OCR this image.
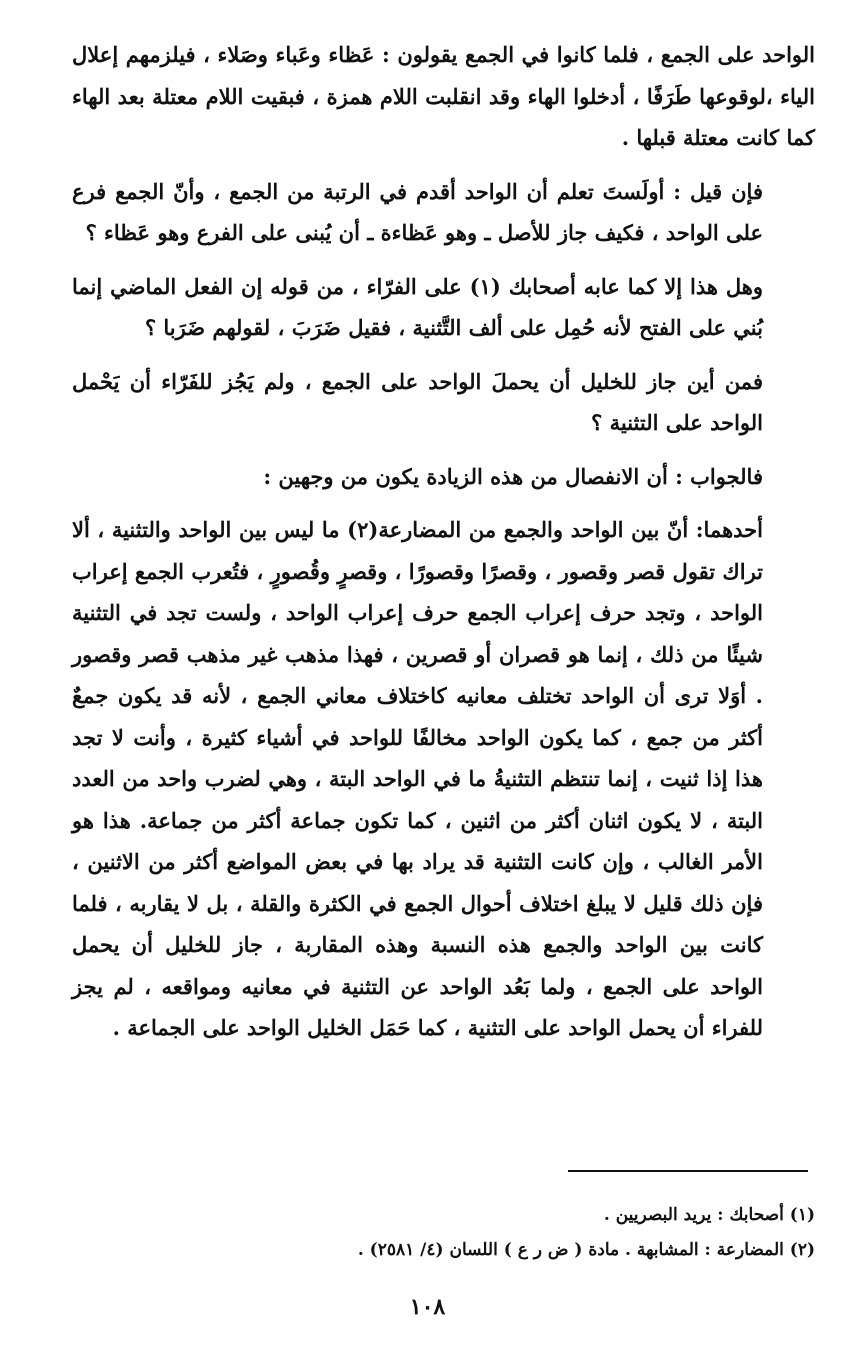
الواحد على الجمع ، فلما كانوا في الجمع يقولون : عَظاء وعَباء وصَلاء ، فيلزمهم إعلال الياء ،لوقوعها طَرَفًا ، أدخلوا الهاء وقد انقلبت اللام همزة ، فبقيت اللام معتلة بعد الهاء كما كانت معتلة قبلها .

فإن قيل : أولَستَ تعلم أن الواحد أقدم في الرتبة من الجمع ، وأنّ الجمع فرع على الواحد ، فكيف جاز للأصل ـ وهو عَظاءة ـ أن يُبنى على الفرع وهو عَظاء ؟

وهل هذا إلا كما عابه أصحابك (١) على الفرّاء ، من قوله إن الفعل الماضي إنما بُني على الفتح لأنه حُمِل على ألف التَّثنية ، فقيل ضَرَبَ ، لقولهم ضَرَبا ؟

فمن أين جاز للخليل أن يحملَ الواحد على الجمع ، ولم يَجُز للفَرّاء أن يَحْمل الواحد على التثنية ؟

فالجواب : أن الانفصال من هذه الزيادة يكون من وجهين :

أحدهما: أنّ بين الواحد والجمع من المضارعة(٢) ما ليس بين الواحد والتثنية ، ألا تراك تقول قصر وقصور ، وقصرًا وقصورًا ، وقصرٍ وقُصورٍ ، فتُعرب الجمع إعراب الواحد ، وتجد حرف إعراب الجمع حرف إعراب الواحد ، ولست تجد في التثنية شيئًا من ذلك ، إنما هو قصران أو قصرين ، فهذا مذهب غير مذهب قصر وقصور . أوَلا ترى أن الواحد تختلف معانيه كاختلاف معاني الجمع ، لأنه قد يكون جمعٌ أكثر من جمع ، كما يكون الواحد مخالفًا للواحد في أشياء كثيرة ، وأنت لا تجد هذا إذا ثنيت ، إنما تنتظم التثنيةُ ما في الواحد البتة ، وهي لضرب واحد من العدد البتة ، لا يكون اثنان أكثر من اثنين ، كما تكون جماعة أكثر من جماعة. هذا هو الأمر الغالب ، وإن كانت التثنية قد يراد بها في بعض المواضع أكثر من الاثنين ، فإن ذلك قليل لا يبلغ اختلاف أحوال الجمع في الكثرة والقلة ، بل لا يقاربه ، فلما كانت بين الواحد والجمع هذه النسبة وهذه المقاربة ، جاز للخليل أن يحمل الواحد على الجمع ، ولما بَعُد الواحد عن التثنية في معانيه ومواقعه ، لم يجز للفراء أن يحمل الواحد على التثنية ، كما حَمَل الخليل الواحد على الجماعة .

(١) أصحابك : يريد البصريين .

(٢) المضارعة : المشابهة . مادة ( ض ر ع ) اللسان (٤/ ٢٥٨١) .

١٠٨
